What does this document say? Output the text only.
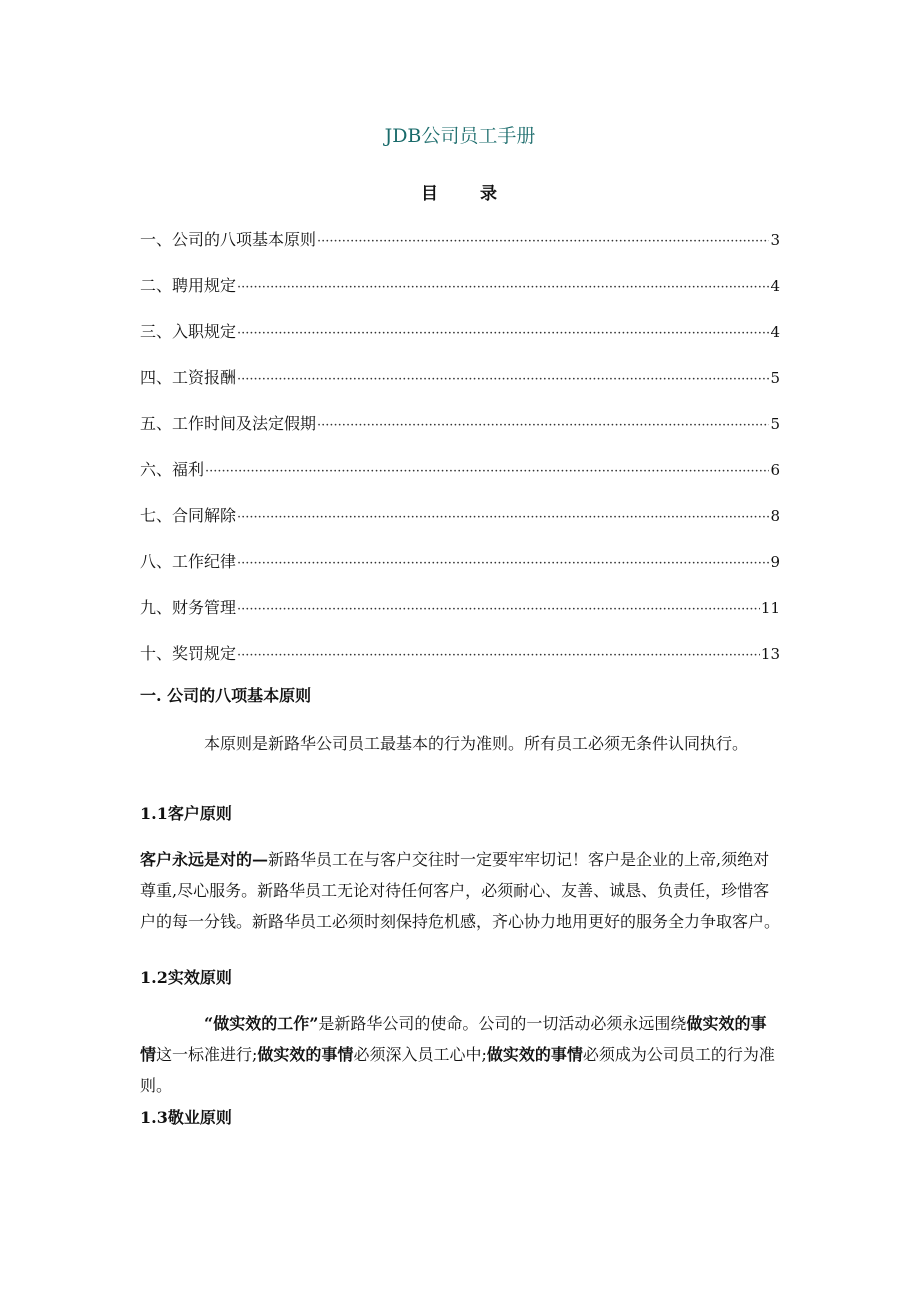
JDB公司员工手册
目 录
一、公司的八项基本原则 ·····	3
二、聘用规定 ·····	4
三、入职规定 ·····	4
四、工资报酬 ·····	5
五、工作时间及法定假期 ·····	5
六、福利 ·····	6
七、合同解除 ·····	8
八、工作纪律 ·····	9
九、财务管理 ·····	11
十、奖罚规定 ·····	13
一. 公司的八项基本原则
本原则是新路华公司员工最基本的行为准则。所有员工必须无条件认同执行。
1.1客户原则
客户永远是对的—新路华员工在与客户交往时一定要牢牢切记！客户是企业的上帝,须绝对尊重,尽心服务。新路华员工无论对待任何客户，必须耐心、友善、诚恳、负责任，珍惜客户的每一分钱。新路华员工必须时刻保持危机感，齐心协力地用更好的服务全力争取客户。
1.2实效原则
“做实效的工作”是新路华公司的使命。公司的一切活动必须永远围绕做实效的事情这一标准进行;做实效的事情必须深入员工心中;做实效的事情必须成为公司员工的行为准则。
1.3敬业原则
